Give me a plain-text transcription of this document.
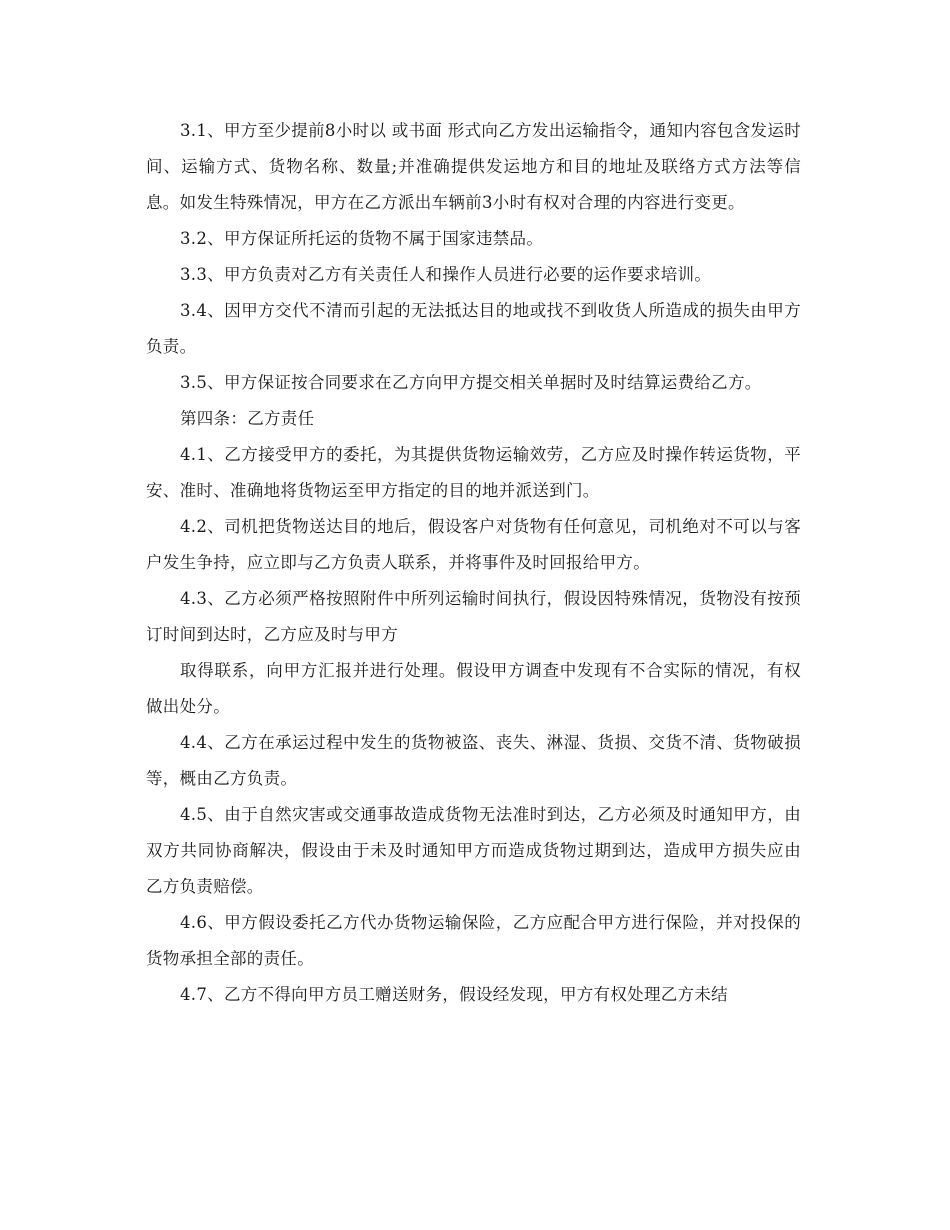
3.1、甲方至少提前8小时以 或书面 形式向乙方发出运输指令，通知内容包含发运时间、运输方式、货物名称、数量;并准确提供发运地方和目的地址及联络方式方法等信息。如发生特殊情况，甲方在乙方派出车辆前3小时有权对合理的内容进行变更。

3.2、甲方保证所托运的货物不属于国家违禁品。

3.3、甲方负责对乙方有关责任人和操作人员进行必要的运作要求培训。

3.4、因甲方交代不清而引起的无法抵达目的地或找不到收货人所造成的损失由甲方负责。

3.5、甲方保证按合同要求在乙方向甲方提交相关单据时及时结算运费给乙方。

第四条：乙方责任

4.1、乙方接受甲方的委托，为其提供货物运输效劳，乙方应及时操作转运货物，平安、准时、准确地将货物运至甲方指定的目的地并派送到门。

4.2、司机把货物送达目的地后，假设客户对货物有任何意见，司机绝对不可以与客户发生争持，应立即与乙方负责人联系，并将事件及时回报给甲方。

4.3、乙方必须严格按照附件中所列运输时间执行，假设因特殊情况，货物没有按预订时间到达时，乙方应及时与甲方

取得联系，向甲方汇报并进行处理。假设甲方调查中发现有不合实际的情况，有权做出处分。

4.4、乙方在承运过程中发生的货物被盗、丧失、淋湿、货损、交货不清、货物破损等，概由乙方负责。

4.5、由于自然灾害或交通事故造成货物无法准时到达，乙方必须及时通知甲方，由双方共同协商解决，假设由于未及时通知甲方而造成货物过期到达，造成甲方损失应由乙方负责赔偿。

4.6、甲方假设委托乙方代办货物运输保险，乙方应配合甲方进行保险，并对投保的货物承担全部的责任。

4.7、乙方不得向甲方员工赠送财务，假设经发现，甲方有权处理乙方未结
